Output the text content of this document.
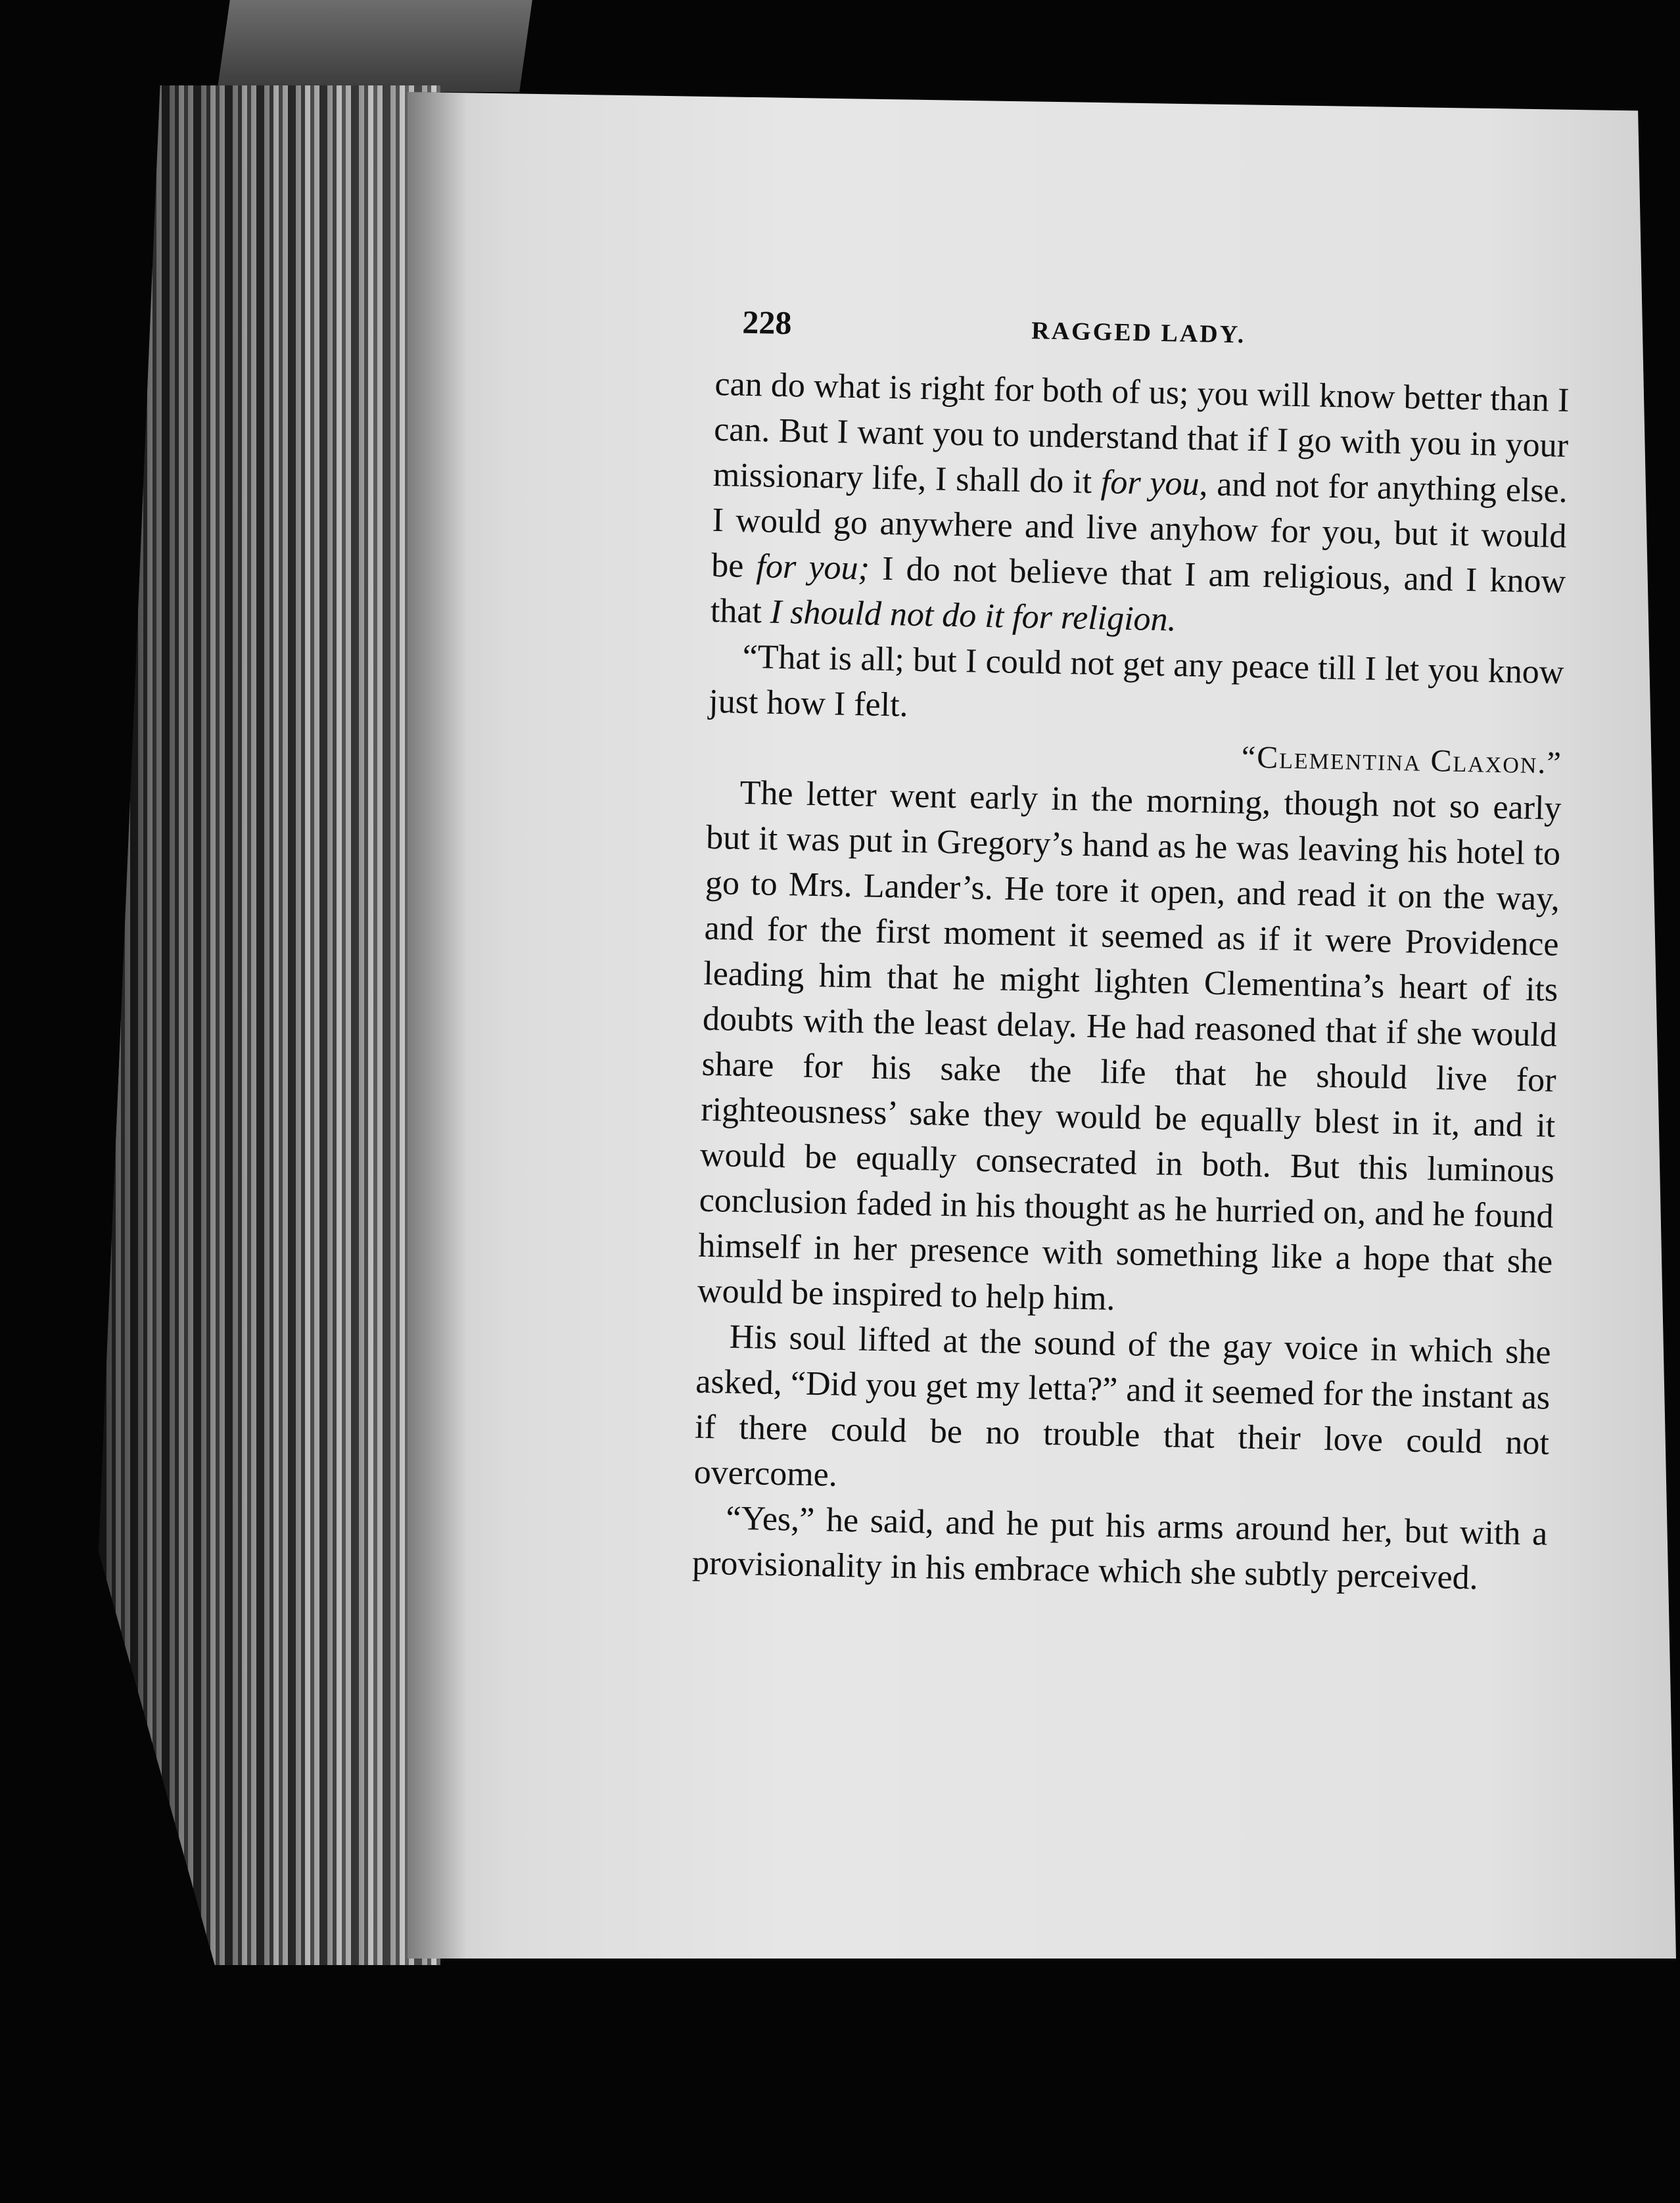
228	RAGGED LADY.

can do what is right for both of us; you will know better than I can. But I want you to understand that if I go with you in your missionary life, I shall do it for you, and not for anything else. I would go anywhere and live anyhow for you, but it would be for you; I do not believe that I am religious, and I know that I should not do it for religion.

“That is all; but I could not get any peace till I let you know just how I felt.

“Clementina Claxon.”

The letter went early in the morning, though not so early but it was put in Gregory’s hand as he was leaving his hotel to go to Mrs. Lander’s. He tore it open, and read it on the way, and for the first moment it seemed as if it were Providence leading him that he might lighten Clementina’s heart of its doubts with the least delay. He had reasoned that if she would share for his sake the life that he should live for righteousness’ sake they would be equally blest in it, and it would be equally consecrated in both. But this luminous conclusion faded in his thought as he hurried on, and he found himself in her presence with something like a hope that she would be inspired to help him.

His soul lifted at the sound of the gay voice in which she asked, “Did you get my letta?” and it seemed for the instant as if there could be no trouble that their love could not overcome.

“Yes,” he said, and he put his arms around her, but with a provisionality in his embrace which she subtly perceived.
